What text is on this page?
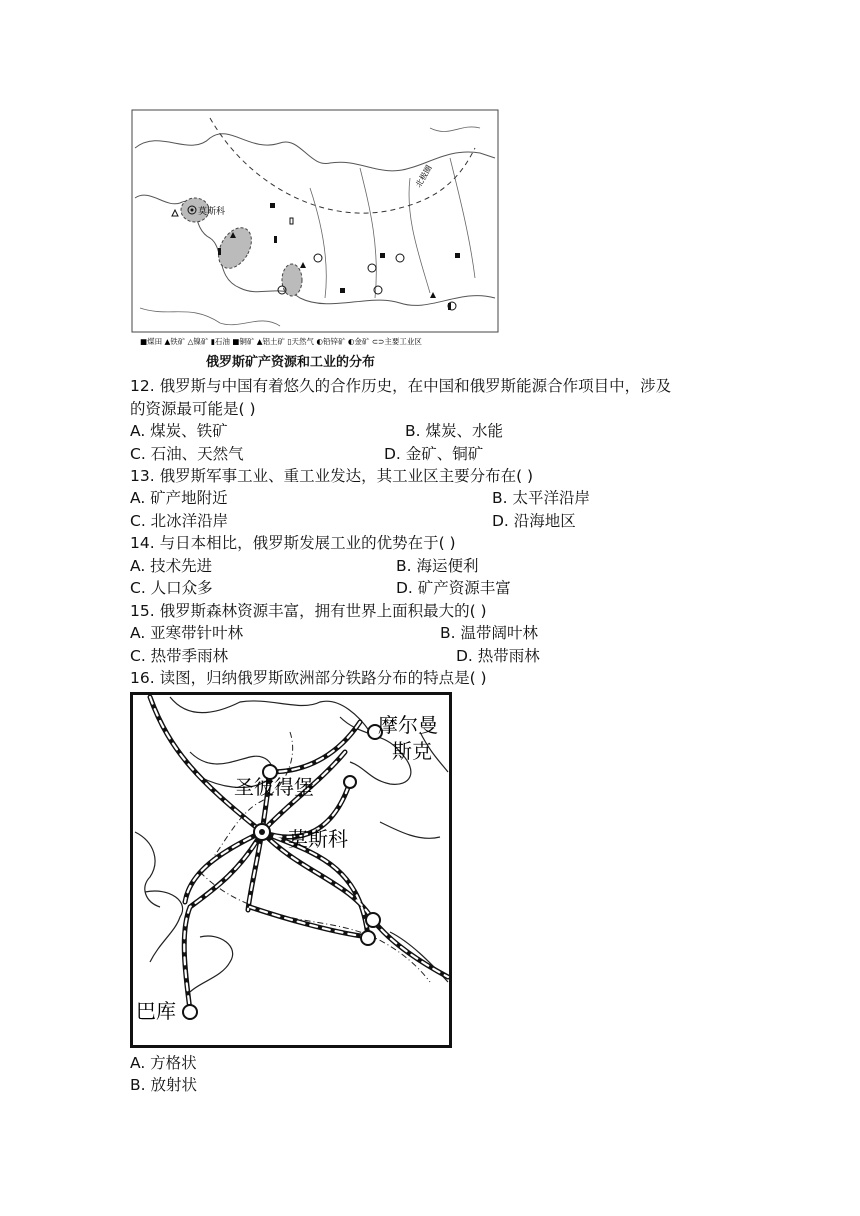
莫斯科
北极圈
■煤田 ▲铁矿 △镍矿 ▮石油 ■铜矿 ▲铝土矿 ▯天然气 ◐铅锌矿 ◐金矿 ⊂⊃主要工业区
俄罗斯矿产资源和工业的分布
12. 俄罗斯与中国有着悠久的合作历史，在中国和俄罗斯能源合作项目中，涉及
的资源最可能是( )
A. 煤炭、铁矿	B. 煤炭、水能
C. 石油、天然气	D. 金矿、铜矿
13. 俄罗斯军事工业、重工业发达，其工业区主要分布在( )
A. 矿产地附近	B. 太平洋沿岸
C. 北冰洋沿岸	D. 沿海地区
14. 与日本相比，俄罗斯发展工业的优势在于( )
A. 技术先进	B. 海运便利
C. 人口众多	D. 矿产资源丰富
15. 俄罗斯森林资源丰富，拥有世界上面积最大的( )
A. 亚寒带针叶林	B. 温带阔叶林
C. 热带季雨林	D. 热带雨林
16. 读图，归纳俄罗斯欧洲部分铁路分布的特点是( )
摩尔曼
斯克
圣彼得堡
莫斯科
巴库
A. 方格状
B. 放射状
